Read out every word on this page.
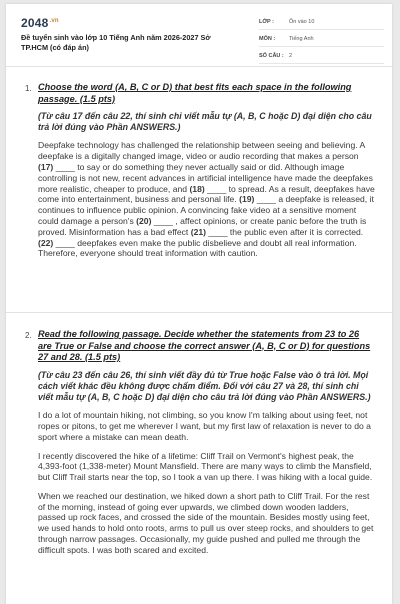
$2048^{.vn}$
Đề tuyển sinh vào lớp 10 Tiếng Anh năm 2026-2027 Sở TP.HCM (có đáp án)
LỚP :	Ôn vào 10
MÔN :	Tiếng Anh
SỐ CÂU : 2
1. Choose the word (A, B, C or D) that best fits each space in the following passage. (1.5 pts)
(Từ câu 17 đến câu 22, thí sinh chỉ viết mẫu tự (A, B, C hoặc D) đại diện cho câu trả lời đúng vào Phần ANSWERS.)

Deepfake technology has challenged the relationship between seeing and believing. A deepfake is a digitally changed image, video or audio recording that makes a person (17) ____ to say or do something they never actually said or did. Although image controlling is not new, recent advances in artificial intelligence have made the deepfakes more realistic, cheaper to produce, and (18) ____ to spread. As a result, deepfakes have come into entertainment, business and personal life. (19) ____ a deepfake is released, it continues to influence public opinion. A convincing fake video at a sensitive moment could damage a person's (20) ____ , affect opinions, or create panic before the truth is proved. Misinformation has a bad effect (21) ____ the public even after it is corrected. (22) ____ deepfakes even make the public disbelieve and doubt all real information. Therefore, everyone should treat information with caution.

2. Read the following passage. Decide whether the statements from 23 to 26 are True or False and choose the correct answer (A, B, C or D) for questions 27 and 28. (1.5 pts)
(Từ câu 23 đến câu 26, thí sinh viết đầy đủ từ True hoặc False vào ô trả lời. Mọi cách viết khác đều không được chấm điểm. Đối với câu 27 và 28, thí sinh chỉ viết mẫu tự (A, B, C hoặc D) đại diện cho câu trả lời đúng vào Phần ANSWERS.)

I do a lot of mountain hiking, not climbing, so you know I'm talking about using feet, not ropes or pitons, to get me wherever I want, but my first law of relaxation is never to do a sport where a mistake can mean death.

I recently discovered the hike of a lifetime: Cliff Trail on Vermont's highest peak, the 4,393-foot (1,338-meter) Mount Mansfield. There are many ways to climb the Mansfield, but Cliff Trail starts near the top, so I took a van up there. I was hiking with a local guide.

When we reached our destination, we hiked down a short path to Cliff Trail. For the rest of the morning, instead of going ever upwards, we climbed down wooden ladders, passed up rock faces, and crossed the side of the mountain. Besides mostly using feet, we used hands to hold onto roots, arms to pull us over steep rocks, and shoulders to get through narrow passages. Occasionally, my guide pushed and pulled me through the difficult spots. I was both scared and excited.
